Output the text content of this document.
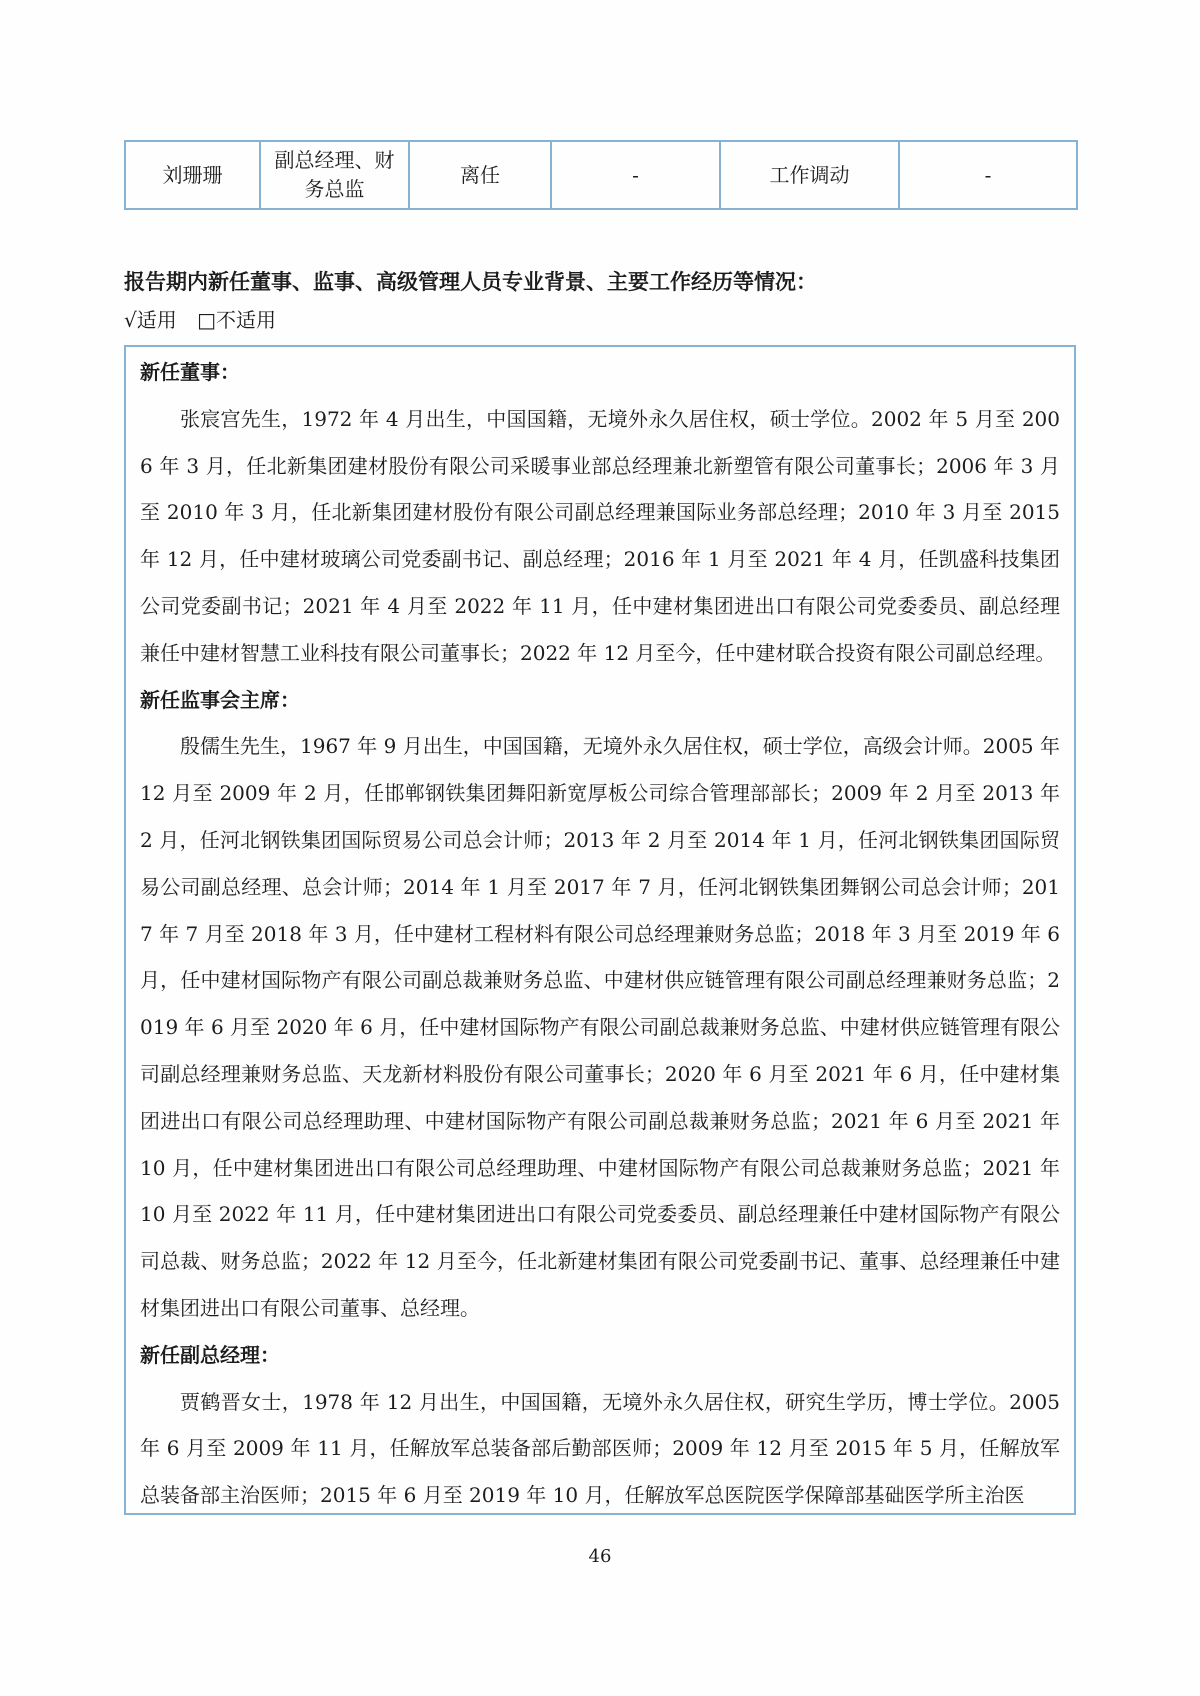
刘珊珊	副总经理、财务总监	离任	-	工作调动	-
报告期内新任董事、监事、高级管理人员专业背景、主要工作经历等情况：
√适用 □不适用
新任董事：

张宸宫先生，1972 年 4 月出生，中国国籍，无境外永久居住权，硕士学位。2002 年 5 月至 2006 年 3 月，任北新集团建材股份有限公司采暖事业部总经理兼北新塑管有限公司董事长；2006 年 3 月至 2010 年 3 月，任北新集团建材股份有限公司副总经理兼国际业务部总经理；2010 年 3 月至 2015 年 12 月，任中建材玻璃公司党委副书记、副总经理；2016 年 1 月至 2021 年 4 月，任凯盛科技集团公司党委副书记；2021 年 4 月至 2022 年 11 月，任中建材集团进出口有限公司党委委员、副总经理兼任中建材智慧工业科技有限公司董事长；2022 年 12 月至今，任中建材联合投资有限公司副总经理。

新任监事会主席：

殷儒生先生，1967 年 9 月出生，中国国籍，无境外永久居住权，硕士学位，高级会计师。2005 年 12 月至 2009 年 2 月，任邯郸钢铁集团舞阳新宽厚板公司综合管理部部长；2009 年 2 月至 2013 年 2 月，任河北钢铁集团国际贸易公司总会计师；2013 年 2 月至 2014 年 1 月，任河北钢铁集团国际贸易公司副总经理、总会计师；2014 年 1 月至 2017 年 7 月，任河北钢铁集团舞钢公司总会计师；2017 年 7 月至 2018 年 3 月，任中建材工程材料有限公司总经理兼财务总监；2018 年 3 月至 2019 年 6 月，任中建材国际物产有限公司副总裁兼财务总监、中建材供应链管理有限公司副总经理兼财务总监；2019 年 6 月至 2020 年 6 月，任中建材国际物产有限公司副总裁兼财务总监、中建材供应链管理有限公司副总经理兼财务总监、天龙新材料股份有限公司董事长；2020 年 6 月至 2021 年 6 月，任中建材集团进出口有限公司总经理助理、中建材国际物产有限公司副总裁兼财务总监；2021 年 6 月至 2021 年 10 月，任中建材集团进出口有限公司总经理助理、中建材国际物产有限公司总裁兼财务总监；2021 年 10 月至 2022 年 11 月，任中建材集团进出口有限公司党委委员、副总经理兼任中建材国际物产有限公司总裁、财务总监；2022 年 12 月至今，任北新建材集团有限公司党委副书记、董事、总经理兼任中建材集团进出口有限公司董事、总经理。

新任副总经理：

贾鹤晋女士，1978 年 12 月出生，中国国籍，无境外永久居住权，研究生学历，博士学位。2005 年 6 月至 2009 年 11 月，任解放军总装备部后勤部医师；2009 年 12 月至 2015 年 5 月，任解放军总装备部主治医师；2015 年 6 月至 2019 年 10 月，任解放军总医院医学保障部基础医学所主治医

46
